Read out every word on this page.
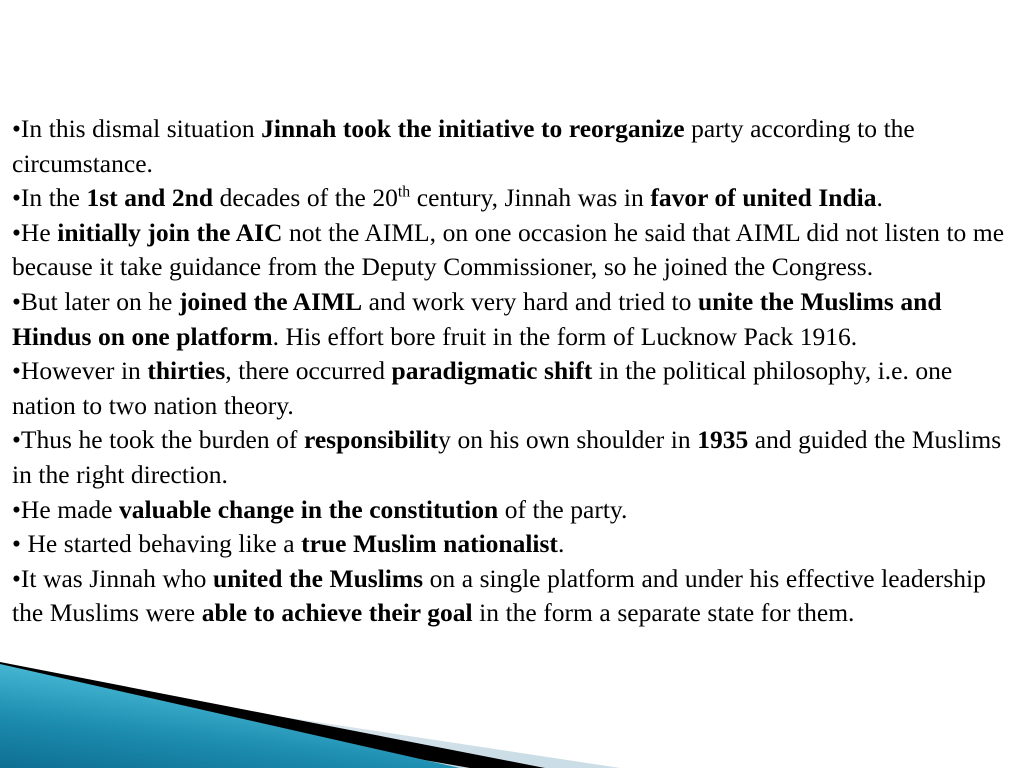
•In this dismal situation Jinnah took the initiative to reorganize party according to the circumstance.

•In the 1st and 2nd decades of the 20th century, Jinnah was in favor of united India.

•He initially join the AIC not the AIML, on one occasion he said that AIML did not listen to me because it take guidance from the Deputy Commissioner, so he joined the Congress.

•But later on he joined the AIML and work very hard and tried to unite the Muslims and Hindus on one platform. His effort bore fruit in the form of Lucknow Pack 1916.

•However in thirties, there occurred paradigmatic shift in the political philosophy, i.e. one nation to two nation theory.

•Thus he took the burden of responsibility on his own shoulder in 1935 and guided the Muslims in the right direction.

•He made valuable change in the constitution of the party.

• He started behaving like a true Muslim nationalist.

•It was Jinnah who united the Muslims on a single platform and under his effective leadership the Muslims were able to achieve their goal in the form a separate state for them.
